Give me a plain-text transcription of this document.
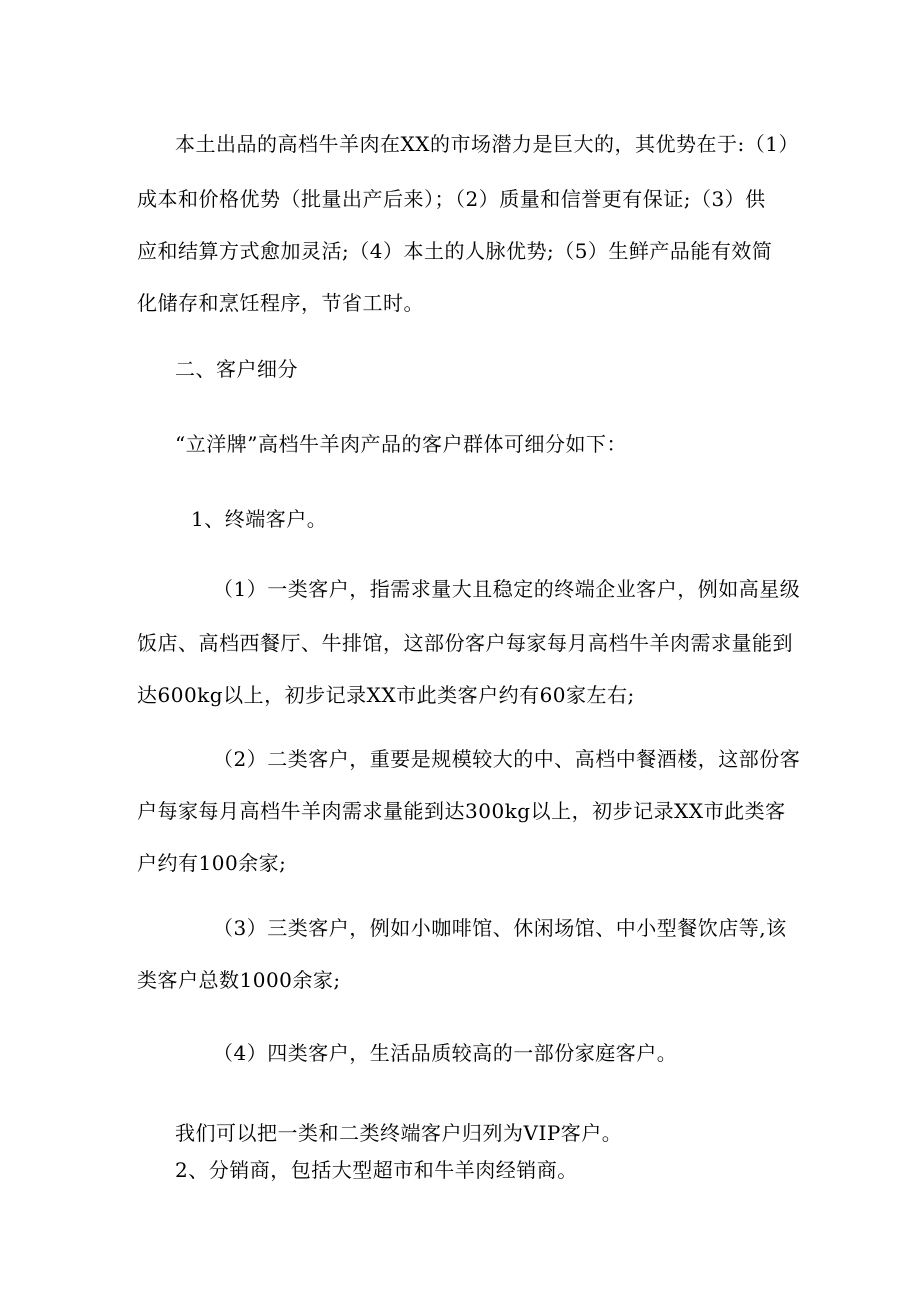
本土出品的高档牛羊肉在XX的市场潜力是巨大的，其优势在于:（1）
成本和价格优势（批量出产后来）；（2）质量和信誉更有保证;（3）供
应和结算方式愈加灵活;（4）本土的人脉优势;（5）生鲜产品能有效简
化储存和烹饪程序，节省工时。
二、客户细分
“立洋牌”高档牛羊肉产品的客户群体可细分如下：
1、终端客户。
（1）一类客户，指需求量大且稳定的终端企业客户，例如高星级
饭店、高档西餐厅、牛排馆，这部份客户每家每月高档牛羊肉需求量能到
达600kg以上，初步记录XX市此类客户约有60家左右;
（2）二类客户，重要是规模较大的中、高档中餐酒楼，这部份客
户每家每月高档牛羊肉需求量能到达300kg以上，初步记录XX市此类客
户约有100余家;
（3）三类客户，例如小咖啡馆、休闲场馆、中小型餐饮店等,该
类客户总数1000余家;
（4）四类客户，生活品质较高的一部份家庭客户。
我们可以把一类和二类终端客户归列为VIP客户。
2、分销商，包括大型超市和牛羊肉经销商。
